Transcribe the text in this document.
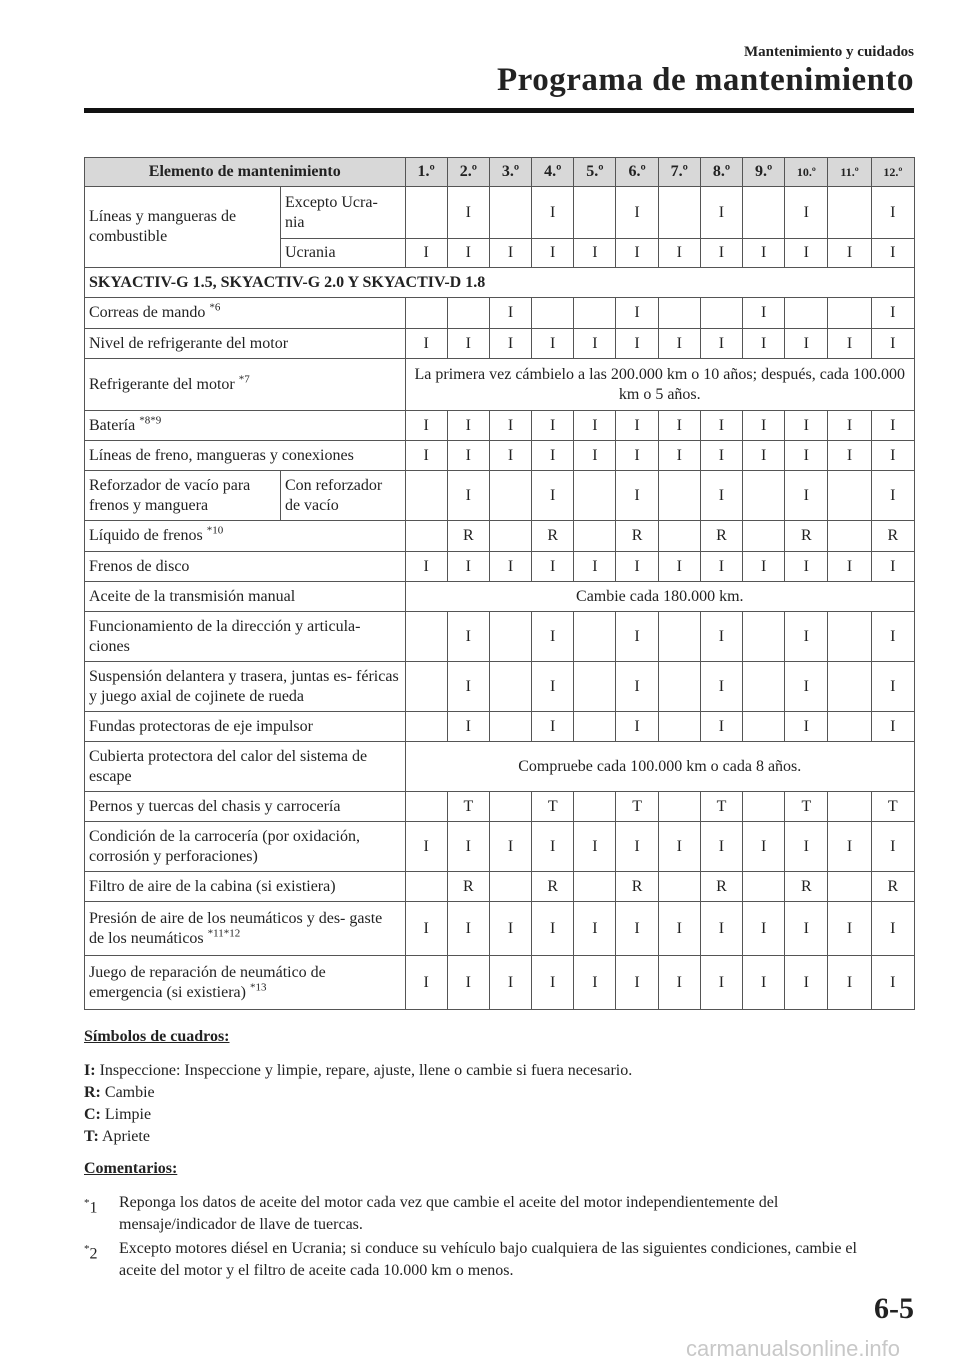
Mantenimiento y cuidados
Programa de mantenimiento
Elemento de mantenimiento		1.º	2.º	3.º	4.º	5.º	6.º	7.º	8.º	9.º	10.º	11.º	12.º
Líneas y mangueras de combustible	Excepto Ucra- nia		I		I		I		I		I		I
	Ucrania	I	I	I	I	I	I	I	I	I	I	I	I
SKYACTIV-G 1.5, SKYACTIV-G 2.0 Y SKYACTIV-D 1.8													
Correas de mando $^{*6}$				I			I			I			I
Nivel de refrigerante del motor		I	I	I	I	I	I	I	I	I	I	I	I
Refrigerante del motor $^{*7}$		La primera vez cámbielo a las 200.000 km o 10 años; después, cada 100.000 km o 5 años.											
Batería $^{*8*9}$		I	I	I	I	I	I	I	I	I	I	I	I
Líneas de freno, mangueras y conexiones		I	I	I	I	I	I	I	I	I	I	I	I
Reforzador de vacío para frenos y manguera	Con reforzador de vacío		I		I		I		I		I		I
Líquido de frenos $^{*10}$			R		R		R		R		R		R
Frenos de disco		I	I	I	I	I	I	I	I	I	I	I	I
Aceite de la transmisión manual		Cambie cada 180.000 km.											
Funcionamiento de la dirección y articula- ciones			I		I		I		I		I		I
Suspensión delantera y trasera, juntas es- féricas y juego axial de cojinete de rueda			I		I		I		I		I		I
Fundas protectoras de eje impulsor			I		I		I		I		I		I
Cubierta protectora del calor del sistema de escape		Compruebe cada 100.000 km o cada 8 años.											
Pernos y tuercas del chasis y carrocería			T		T		T		T		T		T
Condición de la carrocería (por oxidación, corrosión y perforaciones)		I	I	I	I	I	I	I	I	I	I	I	I
Filtro de aire de la cabina (si existiera)			R		R		R		R		R		R
Presión de aire de los neumáticos y des- gaste de los neumáticos $^{*11*12}$		I	I	I	I	I	I	I	I	I	I	I	I
Juego de reparación de neumático de emergencia (si existiera) $^{*13}$		I	I	I	I	I	I	I	I	I	I	I	I
Símbolos de cuadros:
I: Inspeccione: Inspeccione y limpie, repare, ajuste, llene o cambie si fuera necesario.
R: Cambie
C: Limpie
T: Apriete
Comentarios:
*1 Reponga los datos de aceite del motor cada vez que cambie el aceite del motor independientemente del mensaje/indicador de llave de tuercas.
*2 Excepto motores diésel en Ucrania; si conduce su vehículo bajo cualquiera de las siguientes condiciones, cambie el aceite del motor y el filtro de aceite cada 10.000 km o menos.
6-5
carmanualsonline.info
